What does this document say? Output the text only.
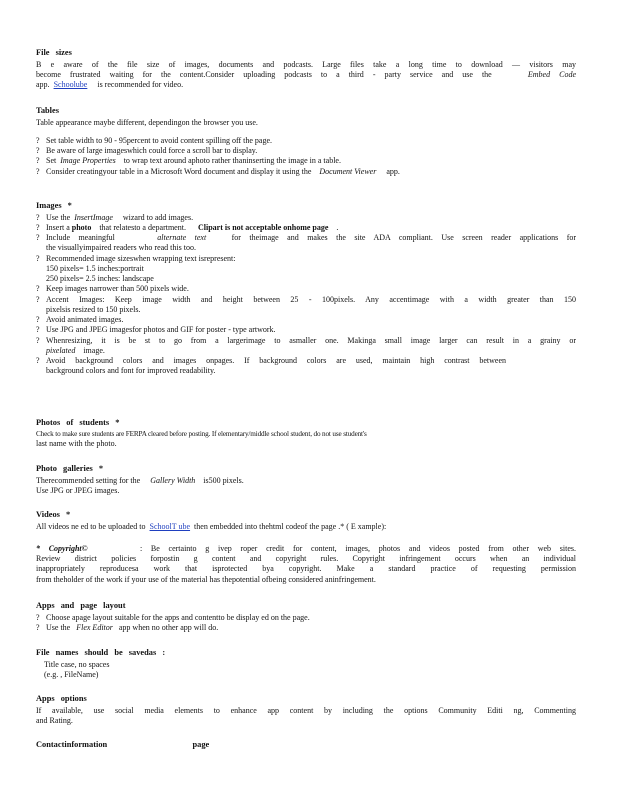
File sizes
B e aware of the file size of images, documents and podcasts. Large files take a long time to download — visitors may
become frustrated waiting for the content.Consider uploading podcasts to a third - party service and use the	Embed Code
app. Schoolube is recommended for video.
Tables
Table appearance maybe different, dependingon the browser you use.
? Set table width to 90 - 95percent to avoid content spilling off the page.
? Be aware of large imageswhich could force a scroll bar to display.
? Set Image Properties to wrap text around aphoto rather thaninserting the image in a table.
? Consider creatingyour table in a Microsoft Word document and display it using the Document Viewer app.
Images *
? Use the InsertImage wizard to add images.
? Insert a photo that relatesto a department. Clipart is not acceptable onhome page .
? Include meaningful	alternate text	for theimage and makes the site ADA compliant. Use screen reader applications for
the visuallyimpaired readers who read this too.
? Recommended image sizeswhen wrapping text isrepresent:
150 pixels= 1.5 inches:portrait
250 pixels= 2.5 inches: landscape
? Keep images narrower than 500 pixels wide.
? Accent Images: Keep image width and height between 25 - 100pixels. Any accentimage with a width greater than 150
pixelsis resized to 150 pixels.
? Avoid animated images.
? Use JPG and JPEG imagesfor photos and GIF for poster - type artwork.
? Whenresizing, it is be st to go from a largerimage to asmaller one. Makinga small image larger can result in a grainy or
pixelated image.
? Avoid background colors and images onpages. If background colors are used, maintain high contrast between
background colors and font for improved readability.
Photos of students *
Check to make sure students are FERPA cleared before posting. If elementary/middle school student, do not use student's
last name with the photo.
Photo galleries *
Therecommended setting for the Gallery Width is500 pixels.
Use JPG or JPEG images.
Videos *
All videos ne ed to be uploaded to SchoolT ube then embedded into thehtml codeof the page .* ( E xample):
* Copyright©	: Be certainto g ivep roper credit for content, images, photos and videos posted from other web sites.
Review district policies forpostin g content and copyright rules. Copyright infringement occurs when an individual
inappropriately reproducesa work that isprotected bya copyright. Make a standard practice of requesting permission
from theholder of the work if your use of the material has thepotential ofbeing considered aninfringement.
Apps and page layout
? Choose apage layout suitable for the apps and contentto be display ed on the page.
? Use the Flex Editor app when no other app will do.
File names should be savedas :
Title case, no spaces
(e.g. , FileName)
Apps options
If available, use social media elements to enhance app content by including the options Community Editi ng, Commenting
and Rating.
Contactinformation	page
